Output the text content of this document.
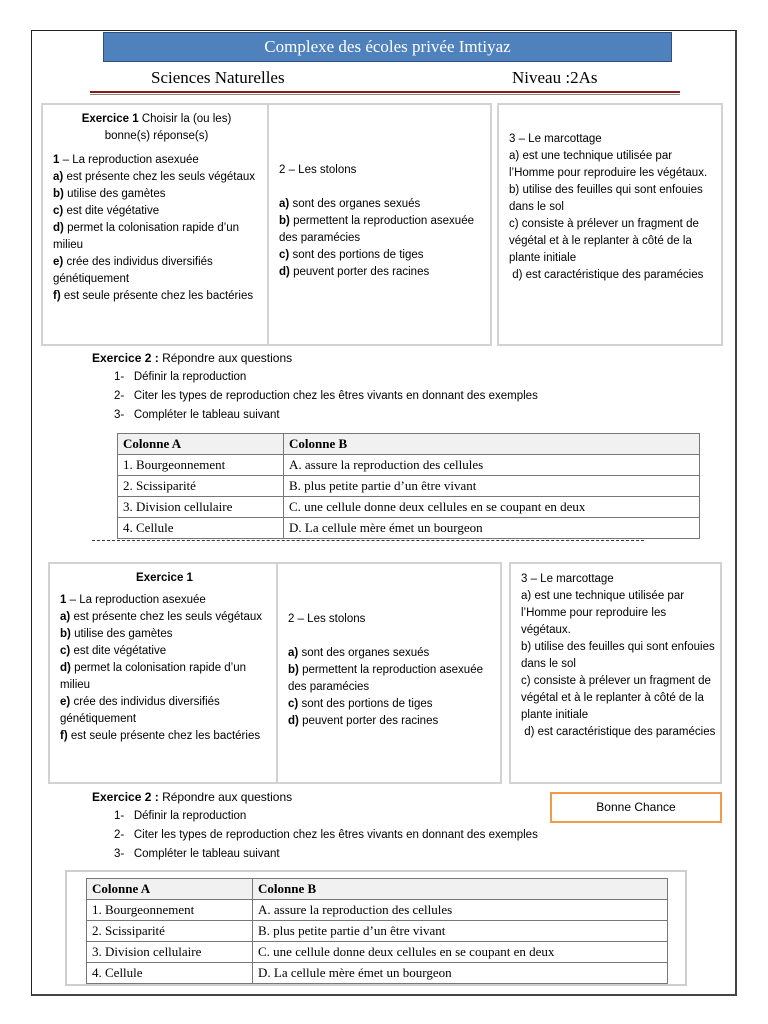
Complexe des écoles privée Imtiyaz
Sciences Naturelles	Niveau :2As

Exercice 1 Choisir la (ou les)

bonne(s) réponse(s)

1 – La reproduction asexuée

a) est présente chez les seuls végétaux

b) utilise des gamètes

c) est dite végétative

d) permet la colonisation rapide d’un milieu

e) crée des individus diversifiés génétiquement

f) est seule présente chez les bactéries

2 – Les stolons

a) sont des organes sexués

b) permettent la reproduction asexuée des paramécies

c) sont des portions de tiges

d) peuvent porter des racines

3 – Le marcottage

a) est une technique utilisée par l’Homme pour reproduire les végétaux.

b) utilise des feuilles qui sont enfouies dans le sol

c) consiste à prélever un fragment de végétal et à le replanter à côté de la plante initiale

d) est caractéristique des paramécies

Exercice 2 : Répondre aux questions

1- Définir la reproduction

2- Citer les types de reproduction chez les êtres vivants en donnant des exemples

3- Compléter le tableau suivant

Colonne A	Colonne B
1. Bourgeonnement	A. assure la reproduction des cellules
2. Scissiparité	B. plus petite partie d’un être vivant
3. Division cellulaire	C. une cellule donne deux cellules en se coupant en deux
4. Cellule	D. La cellule mère émet un bourgeon

Exercice 1

1 – La reproduction asexuée

a) est présente chez les seuls végétaux

b) utilise des gamètes

c) est dite végétative

d) permet la colonisation rapide d’un milieu

e) crée des individus diversifiés génétiquement

f) est seule présente chez les bactéries

2 – Les stolons

a) sont des organes sexués

b) permettent la reproduction asexuée des paramécies

c) sont des portions de tiges

d) peuvent porter des racines

3 – Le marcottage

a) est une technique utilisée par l’Homme pour reproduire les végétaux.

b) utilise des feuilles qui sont enfouies dans le sol

c) consiste à prélever un fragment de végétal et à le replanter à côté de la plante initiale

d) est caractéristique des paramécies

Exercice 2 : Répondre aux questions

1- Définir la reproduction

2- Citer les types de reproduction chez les êtres vivants en donnant des exemples

3- Compléter le tableau suivant

Bonne Chance
Colonne A	Colonne B
1. Bourgeonnement	A. assure la reproduction des cellules
2. Scissiparité	B. plus petite partie d’un être vivant
3. Division cellulaire	C. une cellule donne deux cellules en se coupant en deux
4. Cellule	D. La cellule mère émet un bourgeon
